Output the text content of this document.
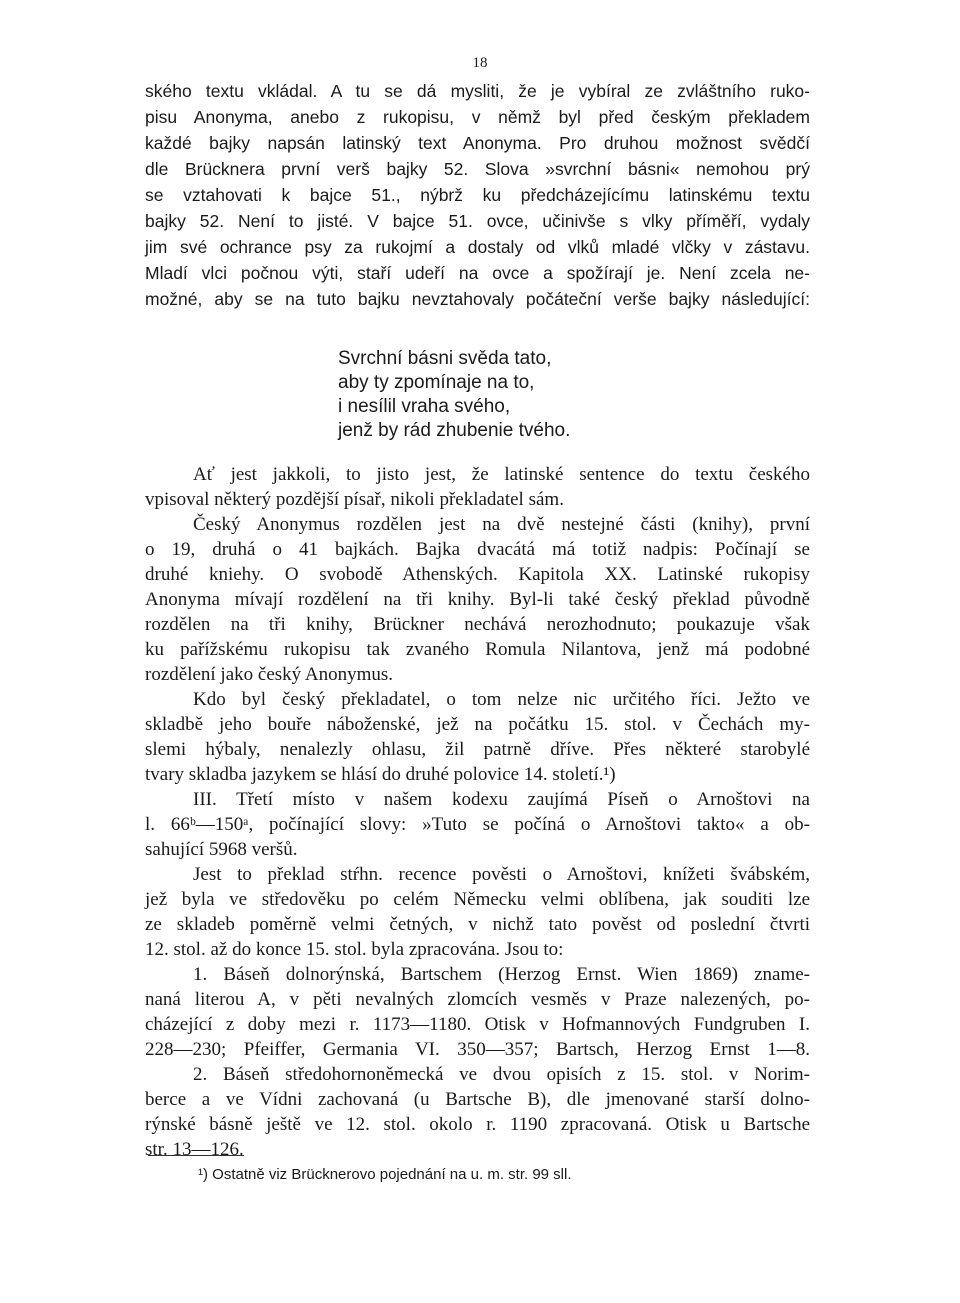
18
ského textu vkládal. A tu se dá mysliti, že je vybíral ze zvláštního ruko-
pisu Anonyma, anebo z rukopisu, v němž byl před českým překladem
každé bajky napsán latinský text Anonyma. Pro druhou možnost svědčí
dle Brücknera první verš bajky 52. Slova »svrchní básni« nemohou prý
se vztahovati k bajce 51., nýbrž ku předcházejícímu latinskému textu
bajky 52. Není to jisté. V bajce 51. ovce, učinivše s vlky příměří, vydaly
jim své ochrance psy za rukojmí a dostaly od vlků mladé vlčky v zástavu.
Mladí vlci počnou výti, staří udeří na ovce a spožírají je. Není zcela ne-
možné, aby se na tuto bajku nevztahovaly počáteční verše bajky následující:
Svrchní básni svěda tato,
aby ty zpomínaje na to,
i nesílil vraha svého,
jenž by rád zhubenie tvého.
Ať jest jakkoli, to jisto jest, že latinské sentence do textu českého
vpisoval některý pozdější písař, nikoli překladatel sám.
Český Anonymus rozdělen jest na dvě nestejné části (knihy), první
o 19, druhá o 41 bajkách. Bajka dvacátá má totiž nadpis: Počínají se
druhé kniehy. O svobodě Athenských. Kapitola XX. Latinské rukopisy
Anonyma mívají rozdělení na tři knihy. Byl-li také český překlad původně
rozdělen na tři knihy, Brückner nechává nerozhodnuto; poukazuje však
ku pařížskému rukopisu tak zvaného Romula Nilantova, jenž má podobné
rozdělení jako český Anonymus.
Kdo byl český překladatel, o tom nelze nic určitého říci. Ježto ve
skladbě jeho bouře náboženské, jež na počátku 15. stol. v Čechách my-
slemi hýbaly, nenalezly ohlasu, žil patrně dříve. Přes některé starobylé
tvary skladba jazykem se hlásí do druhé polovice 14. století.¹)
III. Třetí místo v našem kodexu zaujímá Píseň o Arnoštovi na
l. 66ᵇ—150ᵃ, počínající slovy: »Tuto se počíná o Arnoštovi takto« a ob-
sahující 5968 veršů.
Jest to překlad stŕhn. recence pověsti o Arnoštovi, knížeti švábském,
jež byla ve středověku po celém Německu velmi oblíbena, jak souditi lze
ze skladeb poměrně velmi četných, v nichž tato pověst od poslední čtvrti
12. stol. až do konce 15. stol. byla zpracována. Jsou to:
1. Báseň dolnorýnská, Bartschem (Herzog Ernst. Wien 1869) zname-
naná literou A, v pěti nevalných zlomcích vesměs v Praze nalezených, po-
cházející z doby mezi r. 1173—1180. Otisk v Hofmannových Fundgruben I.
228—230; Pfeiffer, Germania VI. 350—357; Bartsch, Herzog Ernst 1—8.
2. Báseň středohornoněmecká ve dvou opisích z 15. stol. v Norim-
berce a ve Vídni zachovaná (u Bartsche B), dle jmenované starší dolno-
rýnské básně ještě ve 12. stol. okolo r. 1190 zpracovaná. Otisk u Bartsche
str. 13—126.
¹) Ostatně viz Brücknerovo pojednání na u. m. str. 99 sll.
